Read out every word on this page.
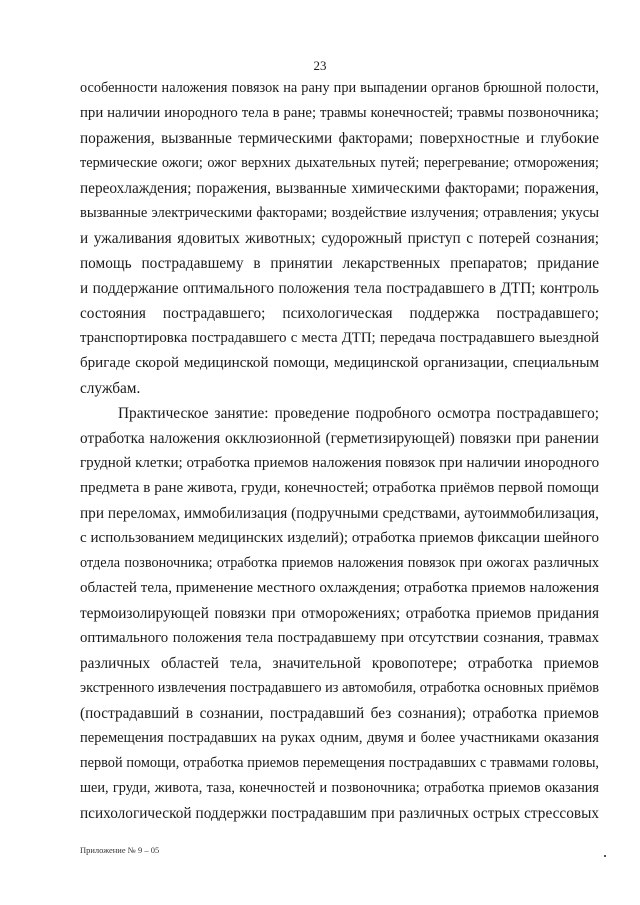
23
особенности наложения повязок на рану при выпадении органов брюшной полости,
при наличии инородного тела в ране; травмы конечностей; травмы позвоночника;
поражения, вызванные термическими факторами; поверхностные и глубокие
термические ожоги; ожог верхних дыхательных путей; перегревание; отморожения;
переохлаждения; поражения, вызванные химическими факторами; поражения,
вызванные электрическими факторами; воздействие излучения; отравления; укусы
и ужаливания ядовитых животных; судорожный приступ с потерей сознания;
помощь пострадавшему в принятии лекарственных препаратов; придание
и поддержание оптимального положения тела пострадавшего в ДТП; контроль
состояния пострадавшего; психологическая поддержка пострадавшего;
транспортировка пострадавшего с места ДТП; передача пострадавшего выездной
бригаде скорой медицинской помощи, медицинской организации, специальным
службам.
Практическое занятие: проведение подробного осмотра пострадавшего;
отработка наложения окклюзионной (герметизирующей) повязки при ранении
грудной клетки; отработка приемов наложения повязок при наличии инородного
предмета в ране живота, груди, конечностей; отработка приёмов первой помощи
при переломах, иммобилизация (подручными средствами, аутоиммобилизация,
с использованием медицинских изделий); отработка приемов фиксации шейного
отдела позвоночника; отработка приемов наложения повязок при ожогах различных
областей тела, применение местного охлаждения; отработка приемов наложения
термоизолирующей повязки при отморожениях; отработка приемов придания
оптимального положения тела пострадавшему при отсутствии сознания, травмах
различных областей тела, значительной кровопотере; отработка приемов
экстренного извлечения пострадавшего из автомобиля, отработка основных приёмов
(пострадавший в сознании, пострадавший без сознания); отработка приемов
перемещения пострадавших на руках одним, двумя и более участниками оказания
первой помощи, отработка приемов перемещения пострадавших с травмами головы,
шеи, груди, живота, таза, конечностей и позвоночника; отработка приемов оказания
психологической поддержки пострадавшим при различных острых стрессовых
Приложение № 9 – 05
